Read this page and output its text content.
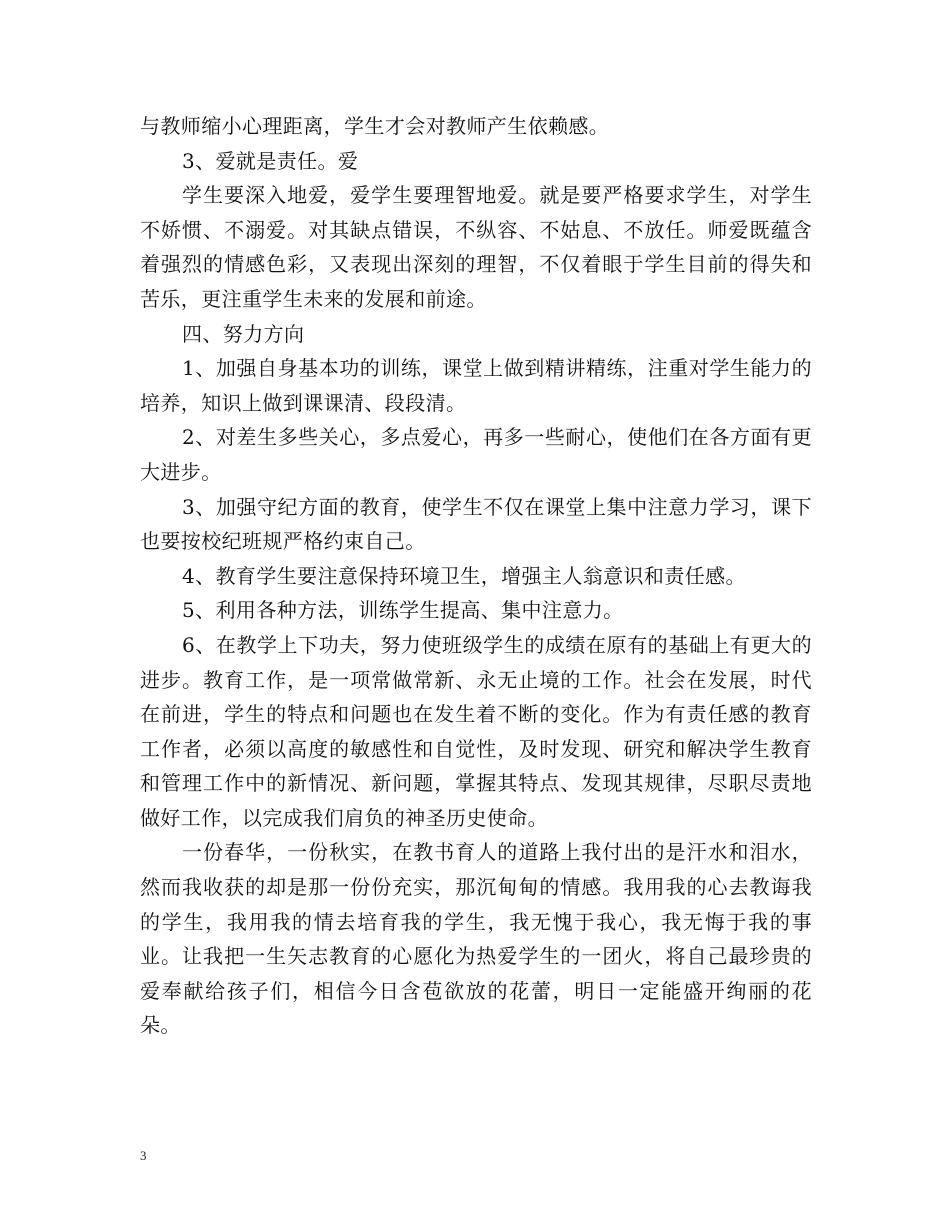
与教师缩小心理距离，学生才会对教师产生依赖感。

3、爱就是责任。爱

学生要深入地爱，爱学生要理智地爱。就是要严格要求学生，对学生不娇惯、不溺爱。对其缺点错误，不纵容、不姑息、不放任。师爱既蕴含着强烈的情感色彩，又表现出深刻的理智，不仅着眼于学生目前的得失和苦乐，更注重学生未来的发展和前途。

四、努力方向

1、加强自身基本功的训练，课堂上做到精讲精练，注重对学生能力的培养，知识上做到课课清、段段清。

2、对差生多些关心，多点爱心，再多一些耐心，使他们在各方面有更大进步。

3、加强守纪方面的教育，使学生不仅在课堂上集中注意力学习，课下也要按校纪班规严格约束自己。

4、教育学生要注意保持环境卫生，增强主人翁意识和责任感。

5、利用各种方法，训练学生提高、集中注意力。

6、在教学上下功夫，努力使班级学生的成绩在原有的基础上有更大的进步。教育工作，是一项常做常新、永无止境的工作。社会在发展，时代在前进，学生的特点和问题也在发生着不断的变化。作为有责任感的教育工作者，必须以高度的敏感性和自觉性，及时发现、研究和解决学生教育和管理工作中的新情况、新问题，掌握其特点、发现其规律，尽职尽责地做好工作，以完成我们肩负的神圣历史使命。

一份春华，一份秋实，在教书育人的道路上我付出的是汗水和泪水，然而我收获的却是那一份份充实，那沉甸甸的情感。我用我的心去教诲我的学生，我用我的情去培育我的学生，我无愧于我心，我无悔于我的事业。让我把一生矢志教育的心愿化为热爱学生的一团火，将自己最珍贵的爱奉献给孩子们，相信今日含苞欲放的花蕾，明日一定能盛开绚丽的花朵。

3
